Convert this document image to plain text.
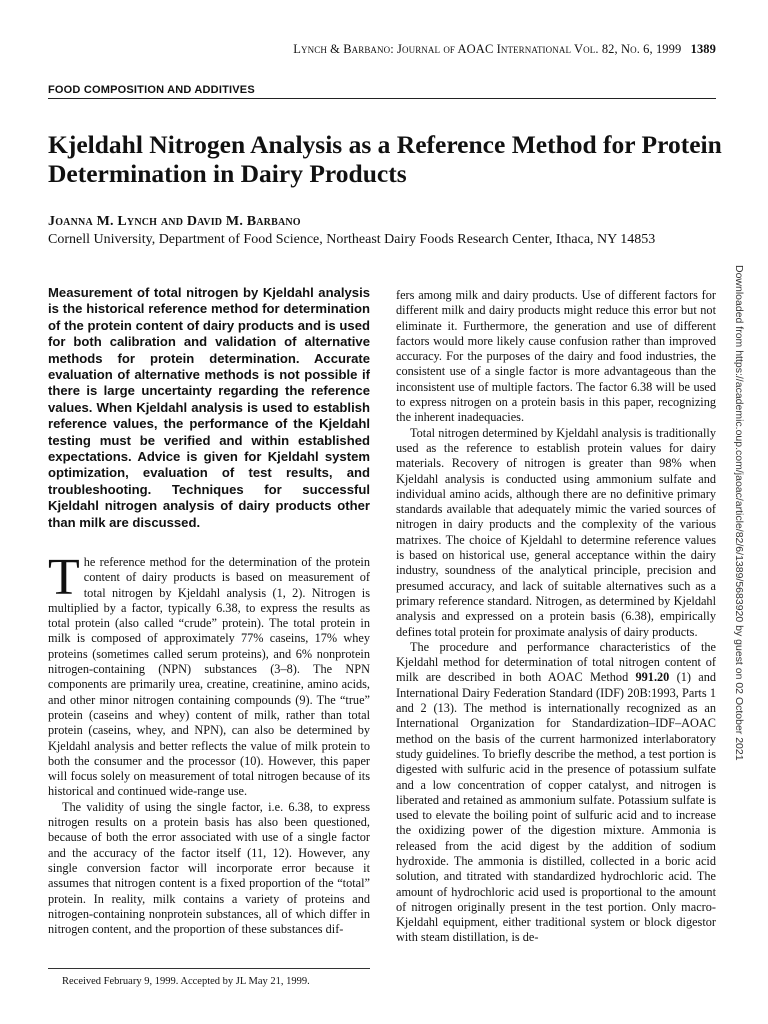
Lynch & Barbano: Journal of AOAC International Vol. 82, No. 6, 1999 1389
FOOD COMPOSITION AND ADDITIVES
Kjeldahl Nitrogen Analysis as a Reference Method for Protein Determination in Dairy Products
Joanna M. Lynch and David M. Barbano
Cornell University, Department of Food Science, Northeast Dairy Foods Research Center, Ithaca, NY 14853

Measurement of total nitrogen by Kjeldahl analysis is the historical reference method for determination of the protein content of dairy products and is used for both calibration and validation of alternative methods for protein determination. Accurate evaluation of alternative methods is not possible if there is large uncertainty regarding the reference values. When Kjeldahl analysis is used to establish reference values, the performance of the Kjeldahl testing must be verified and within established expectations. Advice is given for Kjeldahl system optimization, evaluation of test results, and troubleshooting. Techniques for successful Kjeldahl nitrogen analysis of dairy products other than milk are discussed.

The reference method for the determination of the protein content of dairy products is based on measurement of total nitrogen by Kjeldahl analysis (1, 2). Nitrogen is multiplied by a factor, typically 6.38, to express the results as total protein (also called “crude” protein). The total protein in milk is composed of approximately 77% caseins, 17% whey proteins (sometimes called serum proteins), and 6% nonprotein nitrogen-containing (NPN) substances (3–8). The NPN components are primarily urea, creatine, creatinine, amino acids, and other minor nitrogen containing compounds (9). The “true” protein (caseins and whey) content of milk, rather than total protein (caseins, whey, and NPN), can also be determined by Kjeldahl analysis and better reflects the value of milk protein to both the consumer and the processor (10). However, this paper will focus solely on measurement of total nitrogen because of its historical and continued wide-range use.

The validity of using the single factor, i.e. 6.38, to express nitrogen results on a protein basis has also been questioned, because of both the error associated with use of a single factor and the accuracy of the factor itself (11, 12). However, any single conversion factor will incorporate error because it assumes that nitrogen content is a fixed proportion of the “total” protein. In reality, milk contains a variety of proteins and nitrogen-containing nonprotein substances, all of which differ in nitrogen content, and the proportion of these substances dif-

fers among milk and dairy products. Use of different factors for different milk and dairy products might reduce this error but not eliminate it. Furthermore, the generation and use of different factors would more likely cause confusion rather than improved accuracy. For the purposes of the dairy and food industries, the consistent use of a single factor is more advantageous than the inconsistent use of multiple factors. The factor 6.38 will be used to express nitrogen on a protein basis in this paper, recognizing the inherent inadequacies.

Total nitrogen determined by Kjeldahl analysis is traditionally used as the reference to establish protein values for dairy materials. Recovery of nitrogen is greater than 98% when Kjeldahl analysis is conducted using ammonium sulfate and individual amino acids, although there are no definitive primary standards available that adequately mimic the varied sources of nitrogen in dairy products and the complexity of the various matrixes. The choice of Kjeldahl to determine reference values is based on historical use, general acceptance within the dairy industry, soundness of the analytical principle, precision and presumed accuracy, and lack of suitable alternatives such as a primary reference standard. Nitrogen, as determined by Kjeldahl analysis and expressed on a protein basis (6.38), empirically defines total protein for proximate analysis of dairy products.

The procedure and performance characteristics of the Kjeldahl method for determination of total nitrogen content of milk are described in both AOAC Method 991.20 (1) and International Dairy Federation Standard (IDF) 20B:1993, Parts 1 and 2 (13). The method is internationally recognized as an International Organization for Standardization–IDF–AOAC method on the basis of the current harmonized interlaboratory study guidelines. To briefly describe the method, a test portion is digested with sulfuric acid in the presence of potassium sulfate and a low concentration of copper catalyst, and nitrogen is liberated and retained as ammonium sulfate. Potassium sulfate is used to elevate the boiling point of sulfuric acid and to increase the oxidizing power of the digestion mixture. Ammonia is released from the acid digest by the addition of sodium hydroxide. The ammonia is distilled, collected in a boric acid solution, and titrated with standardized hydrochloric acid. The amount of hydrochloric acid used is proportional to the amount of nitrogen originally present in the test portion. Only macro-Kjeldahl equipment, either traditional system or block digestor with steam distillation, is de-

Received February 9, 1999. Accepted by JL May 21, 1999.
Downloaded from https://academic.oup.com/jaoac/article/82/6/1389/5683920 by guest on 02 October 2021
